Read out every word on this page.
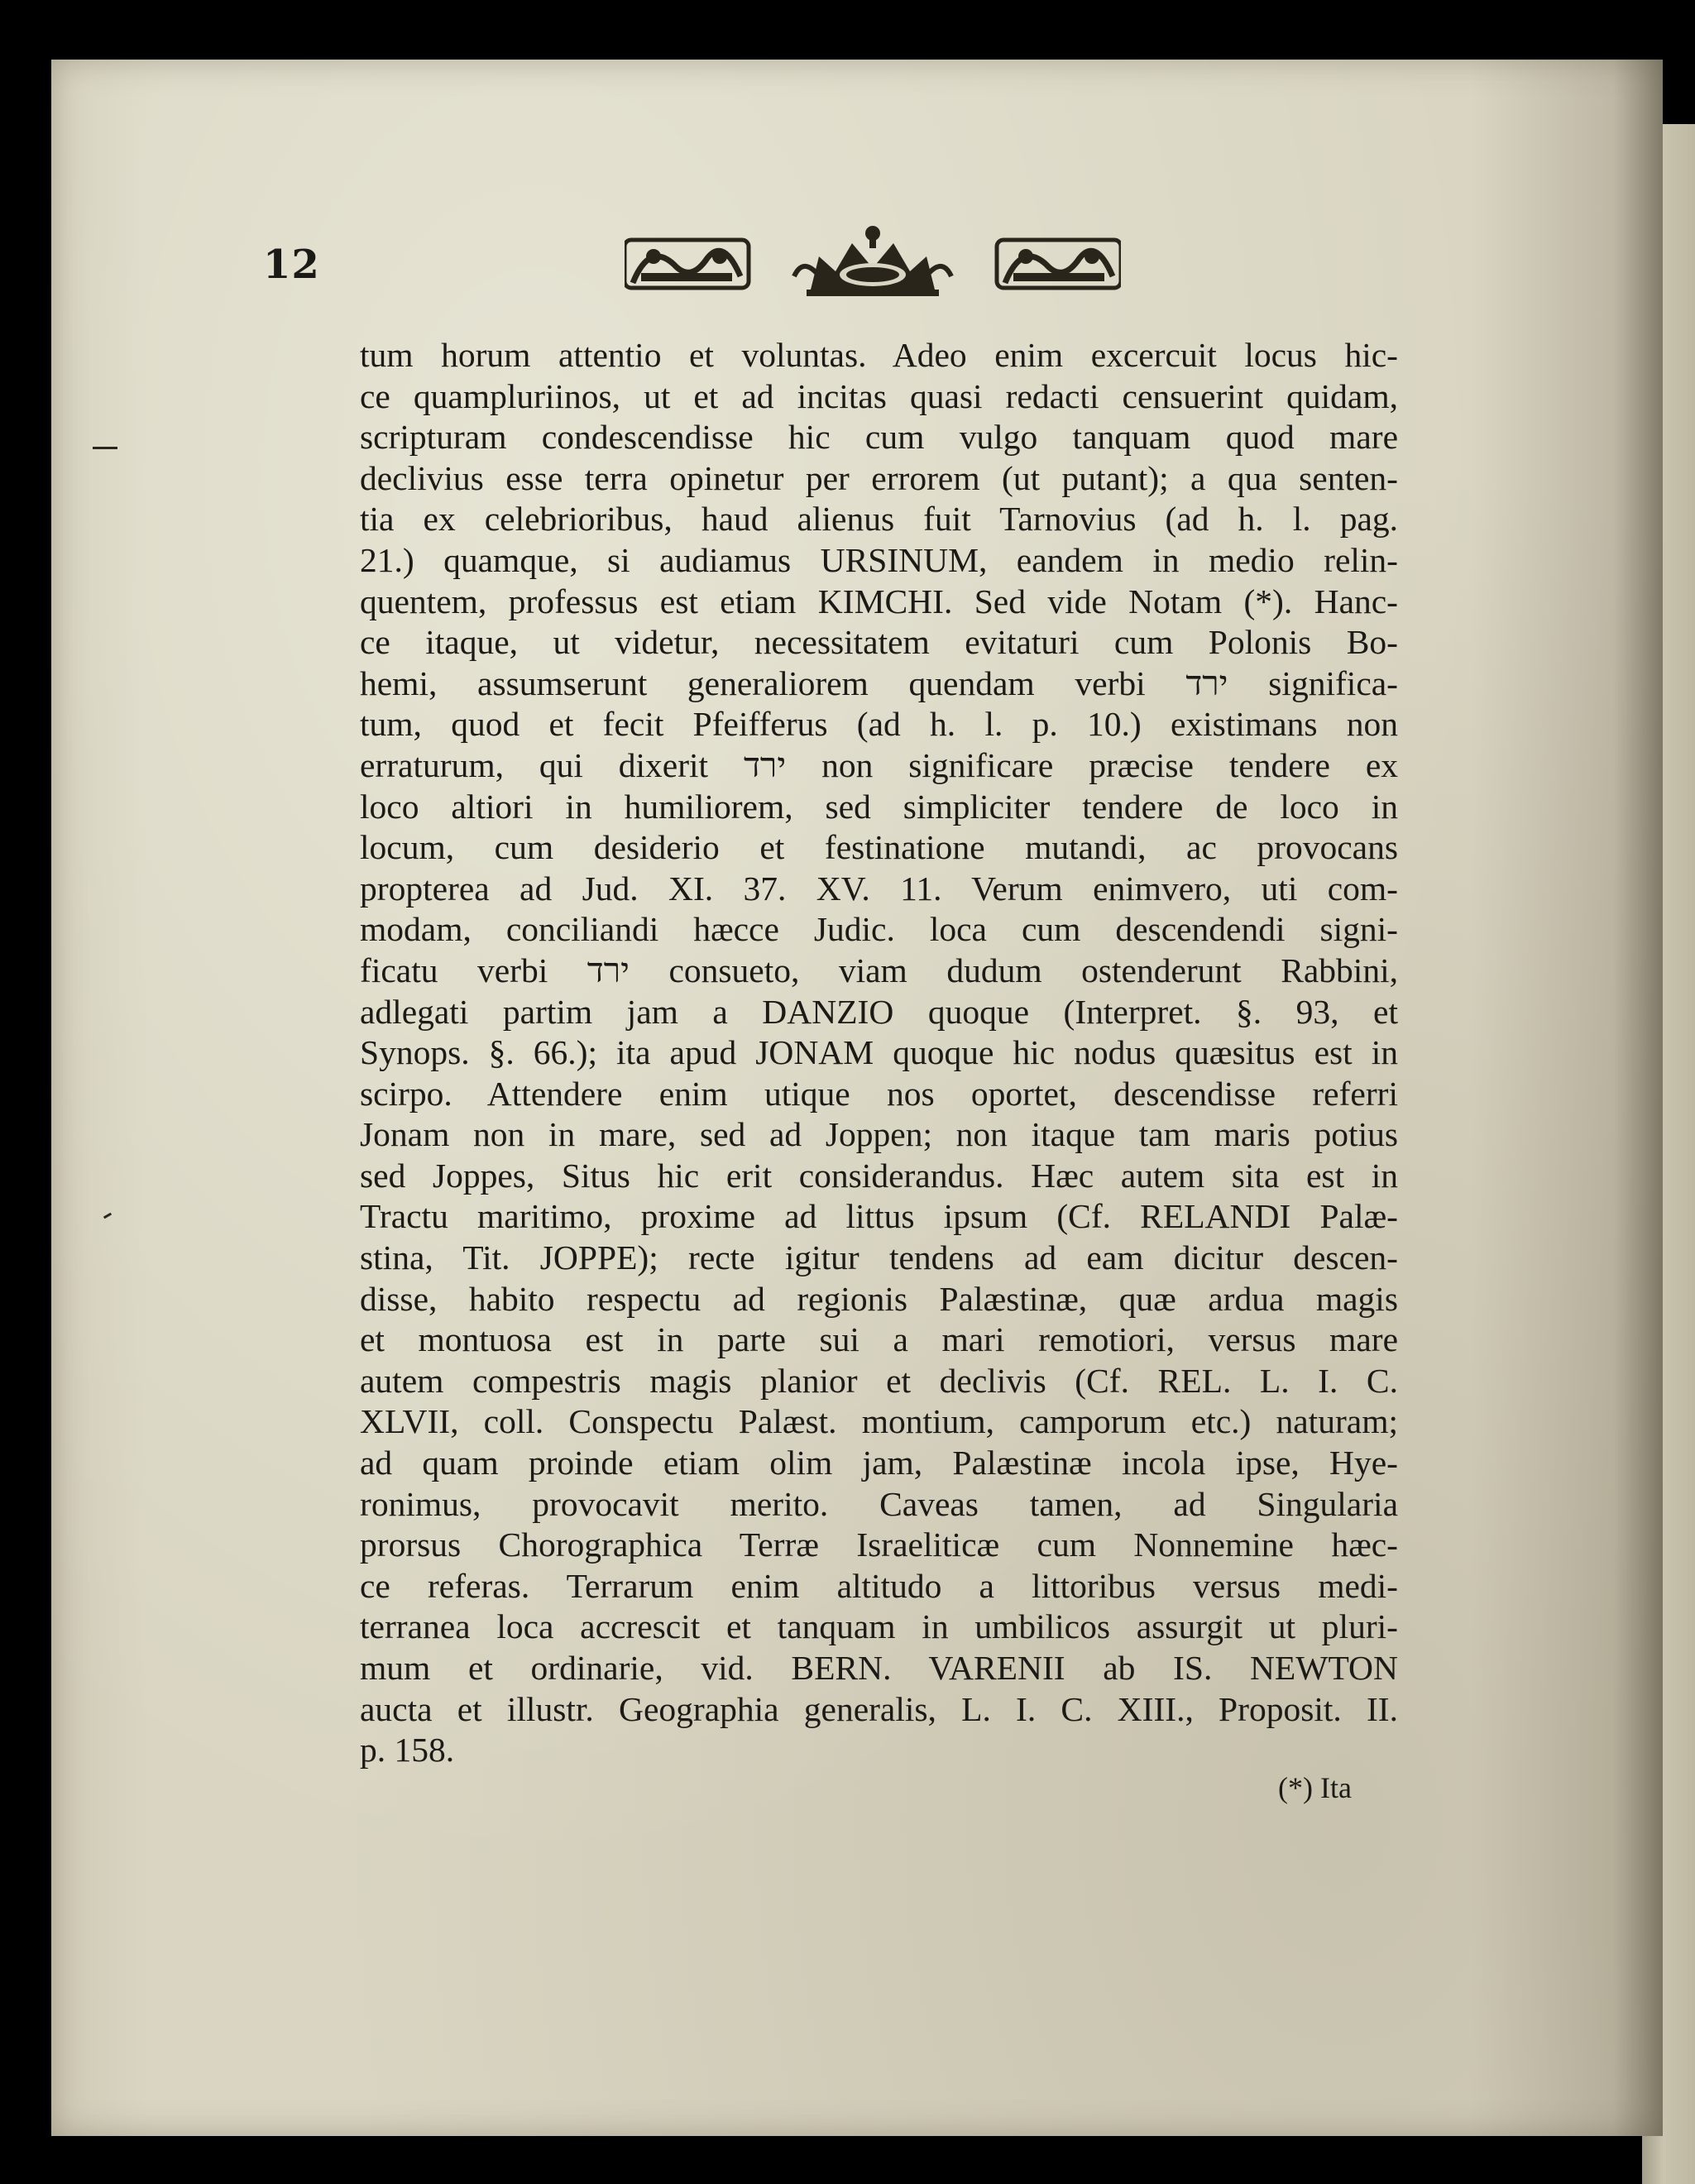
12
tum horum attentio et voluntas. Adeo enim excercuit locus hic-
ce quampluriinos, ut et ad incitas quasi redacti censuerint quidam,
scripturam condescendisse hic cum vulgo tanquam quod mare
declivius esse terra opinetur per errorem (ut putant); a qua senten-
tia ex celebrioribus, haud alienus fuit Tarnovius (ad h. l. pag.
21.) quamque, si audiamus URSINUM, eandem in medio relin-
quentem, professus est etiam KIMCHI. Sed vide Notam (*). Hanc-
ce itaque, ut videtur, necessitatem evitaturi cum Polonis Bo-
hemi, assumserunt generaliorem quendam verbi ירד significa-
tum, quod et fecit Pfeifferus (ad h. l. p. 10.) existimans non
erraturum, qui dixerit ירד non significare præcise tendere ex
loco altiori in humiliorem, sed simpliciter tendere de loco in
locum, cum desiderio et festinatione mutandi, ac provocans
propterea ad Jud. XI. 37. XV. 11. Verum enimvero, uti com-
modam, conciliandi hæcce Judic. loca cum descendendi signi-
ficatu verbi ירד consueto, viam dudum ostenderunt Rabbini,
adlegati partim jam a DANZIO quoque (Interpret. §. 93, et
Synops. §. 66.); ita apud JONAM quoque hic nodus quæsitus est in
scirpo. Attendere enim utique nos oportet, descendisse referri
Jonam non in mare, sed ad Joppen; non itaque tam maris potius
sed Joppes, Situs hic erit considerandus. Hæc autem sita est in
Tractu maritimo, proxime ad littus ipsum (Cf. RELANDI Palæ-
stina, Tit. JOPPE); recte igitur tendens ad eam dicitur descen-
disse, habito respectu ad regionis Palæstinæ, quæ ardua magis
et montuosa est in parte sui a mari remotiori, versus mare
autem compestris magis planior et declivis (Cf. REL. L. I. C.
XLVII, coll. Conspectu Palæst. montium, camporum etc.) naturam;
ad quam proinde etiam olim jam, Palæstinæ incola ipse, Hye-
ronimus, provocavit merito. Caveas tamen, ad Singularia
prorsus Chorographica Terræ Israeliticæ cum Nonnemine hæc-
ce referas. Terrarum enim altitudo a littoribus versus medi-
terranea loca accrescit et tanquam in umbilicos assurgit ut pluri-
mum et ordinarie, vid. BERN. VARENII ab IS. NEWTON
aucta et illustr. Geographia generalis, L. I. C. XIII., Proposit. II.
p. 158.
(*) Ita
